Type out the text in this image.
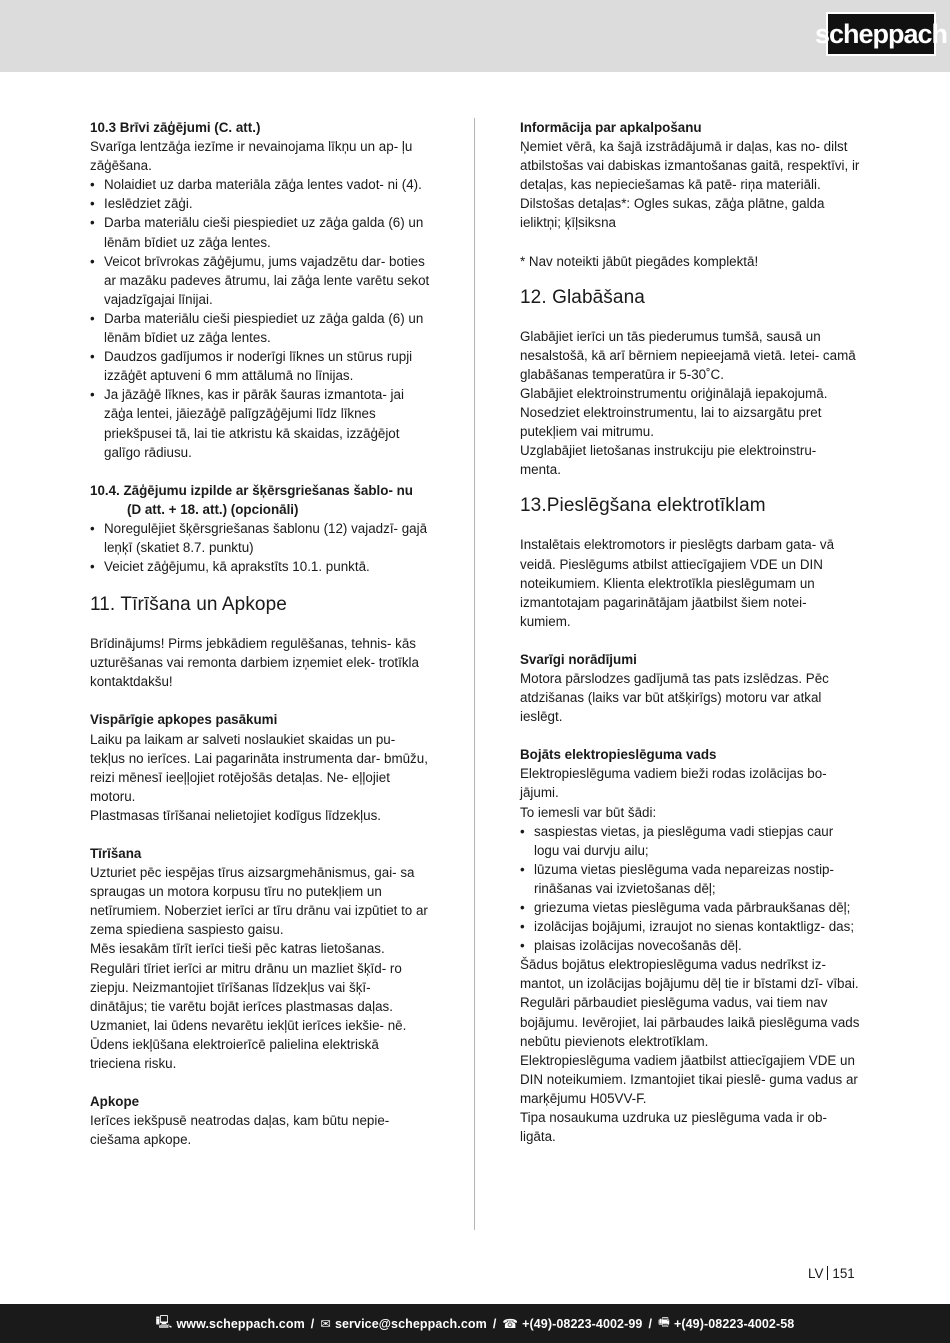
scheppach

10.3 Brīvi zāģējumi (C. att.)

Svarīga lentzāģa iezīme ir nevainojama līkņu un ap- ļu zāģēšana.

• Nolaidiet uz darba materiāla zāģa lentes vadot- ni (4).
• Ieslēdziet zāģi.
• Darba materiālu cieši piespiediet uz zāģa galda (6) un lēnām bīdiet uz zāģa lentes.
• Veicot brīvrokas zāģējumu, jums vajadzētu dar- boties ar mazāku padeves ātrumu, lai zāģa lente varētu sekot vajadzīgajai līnijai.
• Darba materiālu cieši piespiediet uz zāģa galda (6) un lēnām bīdiet uz zāģa lentes.
• Daudzos gadījumos ir noderīgi līknes un stūrus rupji izzāģēt aptuveni 6 mm attālumā no līnijas.
• Ja jāzāģē līknes, kas ir pārāk šauras izmantota- jai zāģa lentei, jāiezāģē palīgzāģējumi līdz līknes priekšpusei tā, lai tie atkristu kā skaidas, izzāģējot galīgo rādiusu.

10.4. Zāģējumu izpilde ar šķērsgriešanas šablo- nu (D att. + 18. att.) (opcionāli)

• Noregulējiet šķērsgriešanas šablonu (12) vajadzī- gajā leņķī (skatiet 8.7. punktu)
• Veiciet zāģējumu, kā aprakstīts 10.1. punktā.
11. Tīrīšana un Apkope

Brīdinājums! Pirms jebkādiem regulēšanas, tehnis- kās uzturēšanas vai remonta darbiem izņemiet elek- trotīkla kontaktdakšu!

Vispārīgie apkopes pasākumi

Laiku pa laikam ar salveti noslaukiet skaidas un pu- tekļus no ierīces. Lai pagarināta instrumenta dar- bmūžu, reizi mēnesī ieeļļojiet rotējošās detaļas. Ne- eļļojiet motoru.

Plastmasas tīrīšanai nelietojiet kodīgus līdzekļus.

Tīrīšana

Uzturiet pēc iespējas tīrus aizsargmehānismus, gai- sa spraugas un motora korpusu tīru no putekļiem un netīrumiem. Noberziet ierīci ar tīru drānu vai izpūtiet to ar zema spiediena saspiesto gaisu.

Mēs iesakām tīrīt ierīci tieši pēc katras lietošanas.

Regulāri tīriet ierīci ar mitru drānu un mazliet šķīd- ro ziepju. Neizmantojiet tīrīšanas līdzekļus vai šķī- dinātājus; tie varētu bojāt ierīces plastmasas daļas. Uzmaniet, lai ūdens nevarētu iekļūt ierīces iekšie- nē. Ūdens iekļūšana elektroierīcē palielina elektriskā trieciena risku.

Apkope

Ierīces iekšpusē neatrodas daļas, kam būtu nepie- ciešama apkope.

Informācija par apkalpošanu

Ņemiet vērā, ka šajā izstrādājumā ir daļas, kas no- dilst atbilstošas vai dabiskas izmantošanas gaitā, respektīvi, ir detaļas, kas nepieciešamas kā patē- riņa materiāli.

Dilstošas detaļas*: Ogles sukas, zāģa plātne, galda ieliktņi; ķīļsiksna

* Nav noteikti jābūt piegādes komplektā!

12. Glabāšana

Glabājiet ierīci un tās piederumus tumšā, sausā un nesalstošā, kā arī bērniem nepieejamā vietā. Ietei- camā glabāšanas temperatūra ir 5-30˚C.

Glabājiet elektroinstrumentu oriģinālajā iepakojumā.

Nosedziet elektroinstrumentu, lai to aizsargātu pret putekļiem vai mitrumu.

Uzglabājiet lietošanas instrukciju pie elektroinstru- menta.

13.Pieslēgšana elektrotīklam

Instalētais elektromotors ir pieslēgts darbam gata- vā veidā. Pieslēgums atbilst attiecīgajiem VDE un DIN noteikumiem. Klienta elektrotīkla pieslēgumam un izmantotajam pagarinātājam jāatbilst šiem notei- kumiem.

Svarīgi norādījumi

Motora pārslodzes gadījumā tas pats izslēdzas. Pēc atdzišanas (laiks var būt atšķirīgs) motoru var atkal ieslēgt.

Bojāts elektropieslēguma vads

Elektropieslēguma vadiem bieži rodas izolācijas bo- jājumi.

To iemesli var būt šādi:

• saspiestas vietas, ja pieslēguma vadi stiepjas caur logu vai durvju ailu;
• lūzuma vietas pieslēguma vada nepareizas nostip- rināšanas vai izvietošanas dēļ;
• griezuma vietas pieslēguma vada pārbraukšanas dēļ;
• izolācijas bojājumi, izraujot no sienas kontaktligz- das;
• plaisas izolācijas novecošanās dēļ.

Šādus bojātus elektropieslēguma vadus nedrīkst iz- mantot, un izolācijas bojājumu dēļ tie ir bīstami dzī- vībai.

Regulāri pārbaudiet pieslēguma vadus, vai tiem nav bojājumu. Ievērojiet, lai pārbaudes laikā pieslēguma vads nebūtu pievienots elektrotīklam.

Elektropieslēguma vadiem jāatbilst attiecīgajiem VDE un DIN noteikumiem. Izmantojiet tikai pieslē- guma vadus ar marķējumu H05VV-F.

Tipa nosaukuma uzdruka uz pieslēguma vada ir ob- ligāta.

LV 151
🖳 www.scheppach.com / ✉ service@scheppach.com / ☎ +(49)-08223-4002-99 / 🖷 +(49)-08223-4002-58
